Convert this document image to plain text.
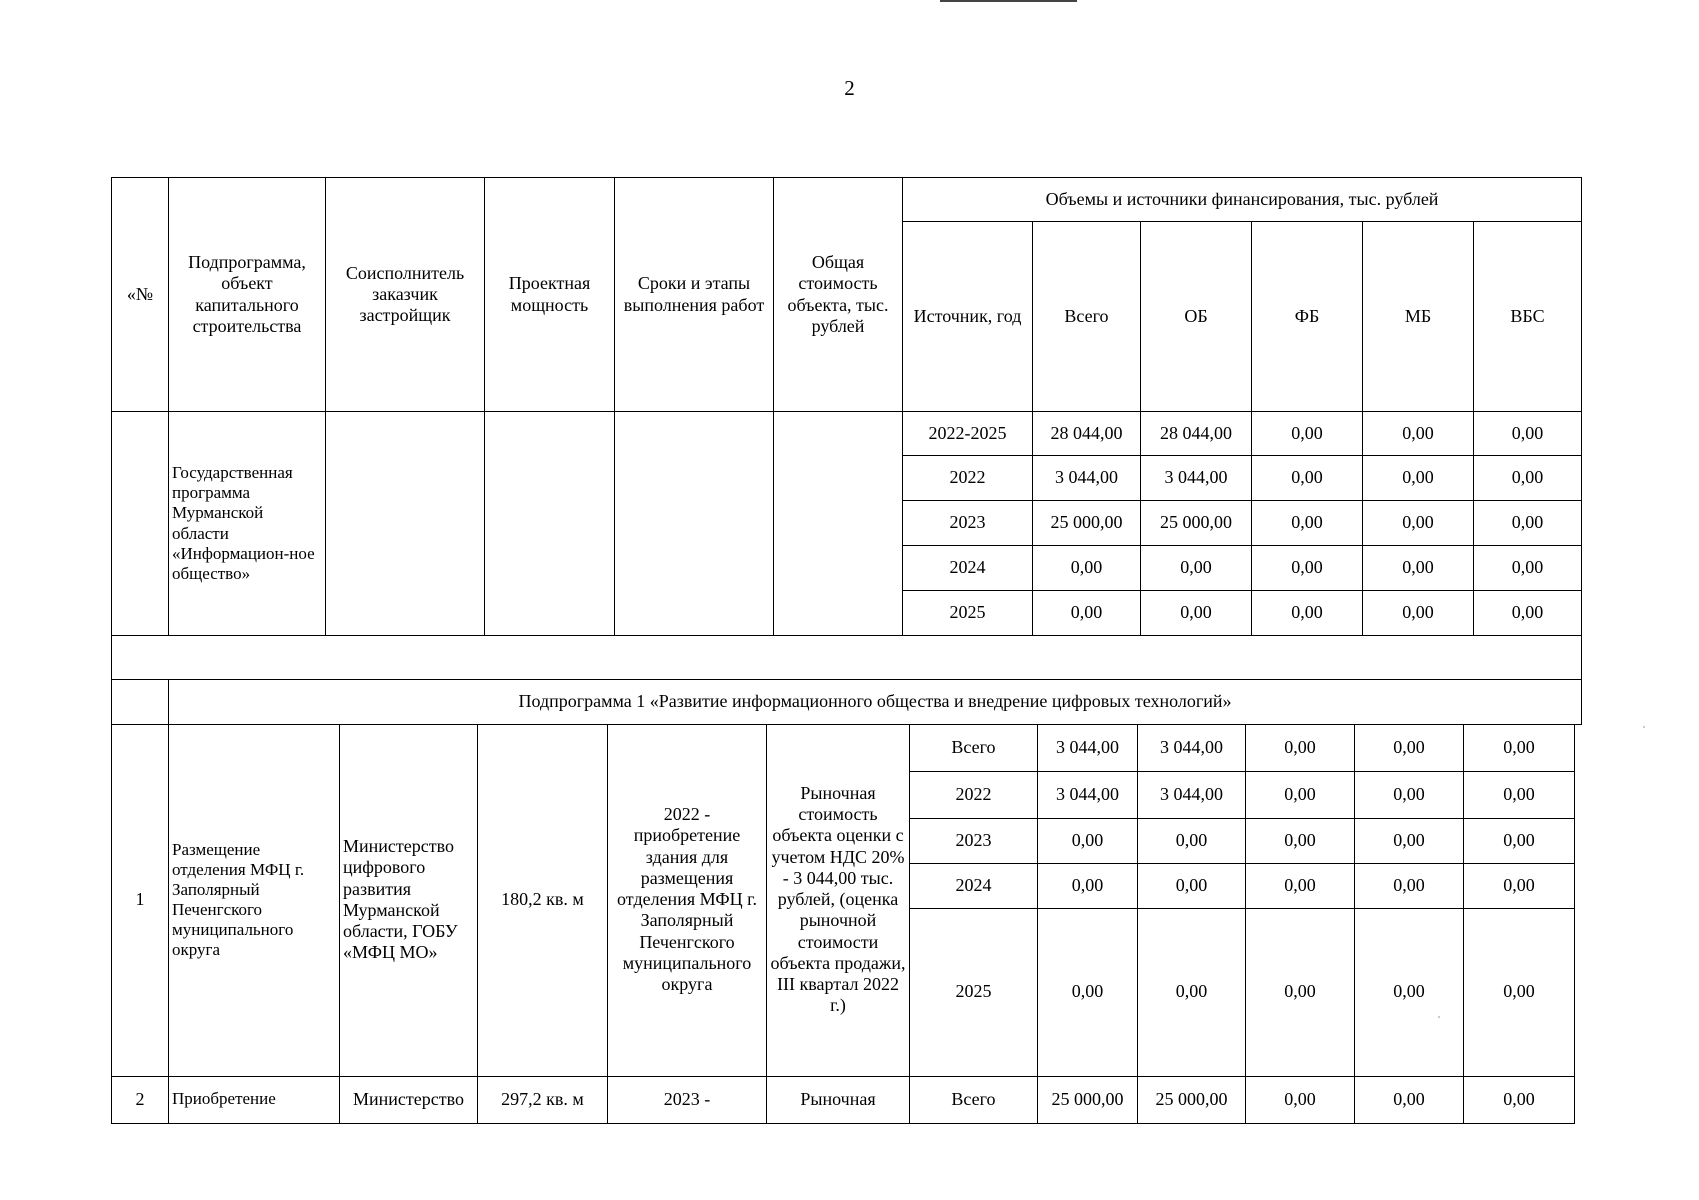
2
«№	Подпрограмма, объект капитального строительства	Соисполнитель заказчик застройщик	Проектная мощность	Сроки и этапы выполнения работ	Общая стоимость объекта, тыс. рублей	Объемы и источники финансирования, тыс. рублей					
						Источник, год	Всего	ОБ	ФБ	МБ	ВБС
	Государственная программа Мурманской области «Информацион-ное общество»					2022-2025	28 044,00	28 044,00	0,00	0,00	0,00
						2022	3 044,00	3 044,00	0,00	0,00	0,00
						2023	25 000,00	25 000,00	0,00	0,00	0,00
						2024	0,00	0,00	0,00	0,00	0,00
						2025	0,00	0,00	0,00	0,00	0,00

	Подпрограмма 1 «Развитие информационного общества и внедрение цифровых технологий»										
1	Размещение отделения МФЦ г. Заполярный Печенгского муниципального округа	Министерство цифрового развития Мурманской области, ГОБУ «МФЦ МО»	180,2 кв. м	2022 - приобретение здания для размещения отделения МФЦ г. Заполярный Печенгского муниципального округа	Рыночная стоимость объекта оценки с учетом НДС 20% - 3 044,00 тыс. рублей, (оценка рыночной стоимости объекта продажи, III квартал 2022 г.)	Всего	3 044,00	3 044,00	0,00	0,00	0,00
						2022	3 044,00	3 044,00	0,00	0,00	0,00
						2023	0,00	0,00	0,00	0,00	0,00
						2024	0,00	0,00	0,00	0,00	0,00
						2025	0,00	0,00	0,00	0,00	0,00
2	Приобретение	Министерство	297,2 кв. м	2023 -	Рыночная	Всего	25 000,00	25 000,00	0,00	0,00	0,00
